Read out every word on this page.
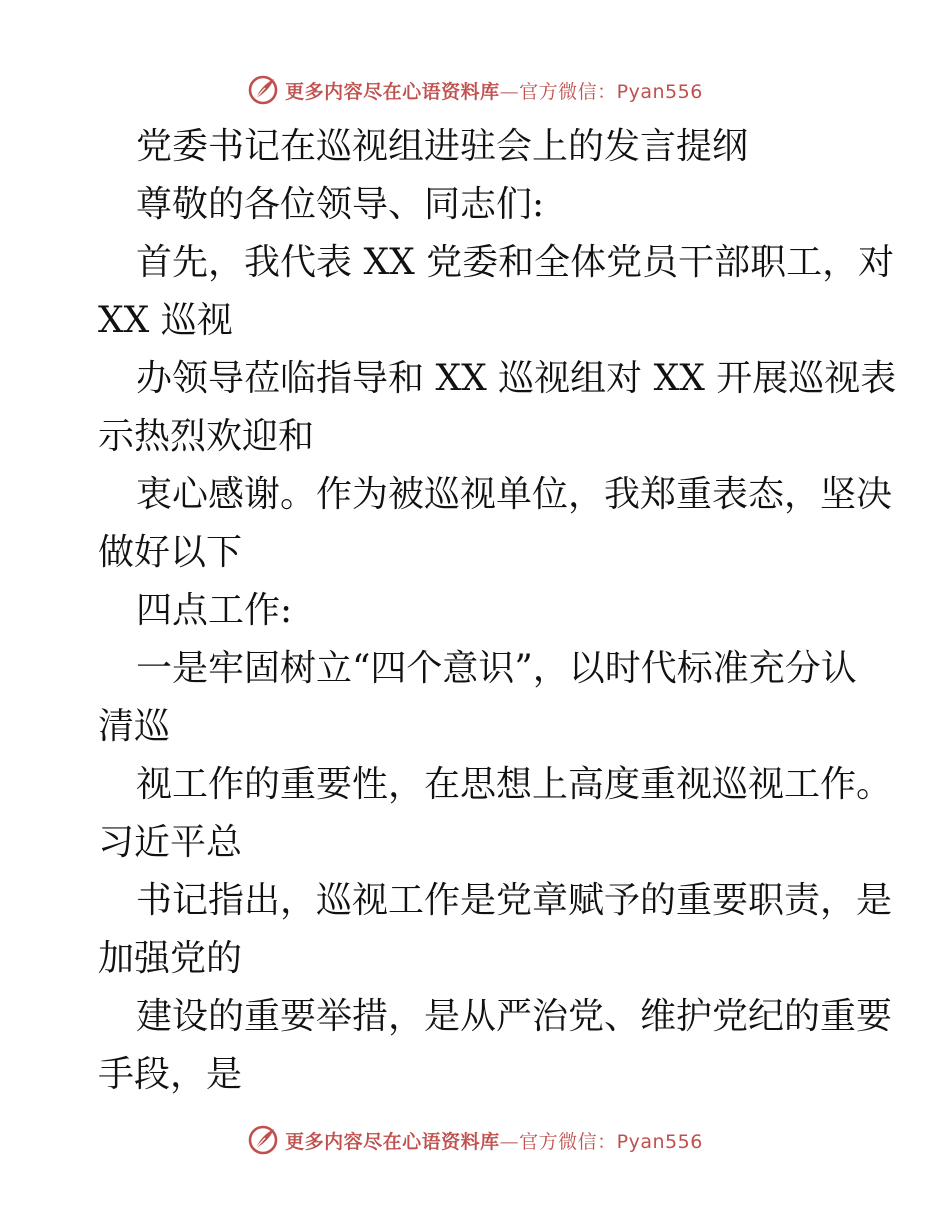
更多内容尽在心语资料库—官方微信：Pyan556
党委书记在巡视组进驻会上的发言提纲
尊敬的各位领导、同志们:
首先，我代表 XX 党委和全体党员干部职工，对
XX 巡视
办领导莅临指导和 XX 巡视组对 XX 开展巡视表
示热烈欢迎和
衷心感谢。作为被巡视单位，我郑重表态，坚决
做好以下
四点工作:
一是牢固树立“四个意识”，以时代标准充分认
清巡
视工作的重要性，在思想上高度重视巡视工作。
习近平总
书记指出，巡视工作是党章赋予的重要职责，是
加强党的
建设的重要举措，是从严治党、维护党纪的重要
手段，是
更多内容尽在心语资料库—官方微信：Pyan556
